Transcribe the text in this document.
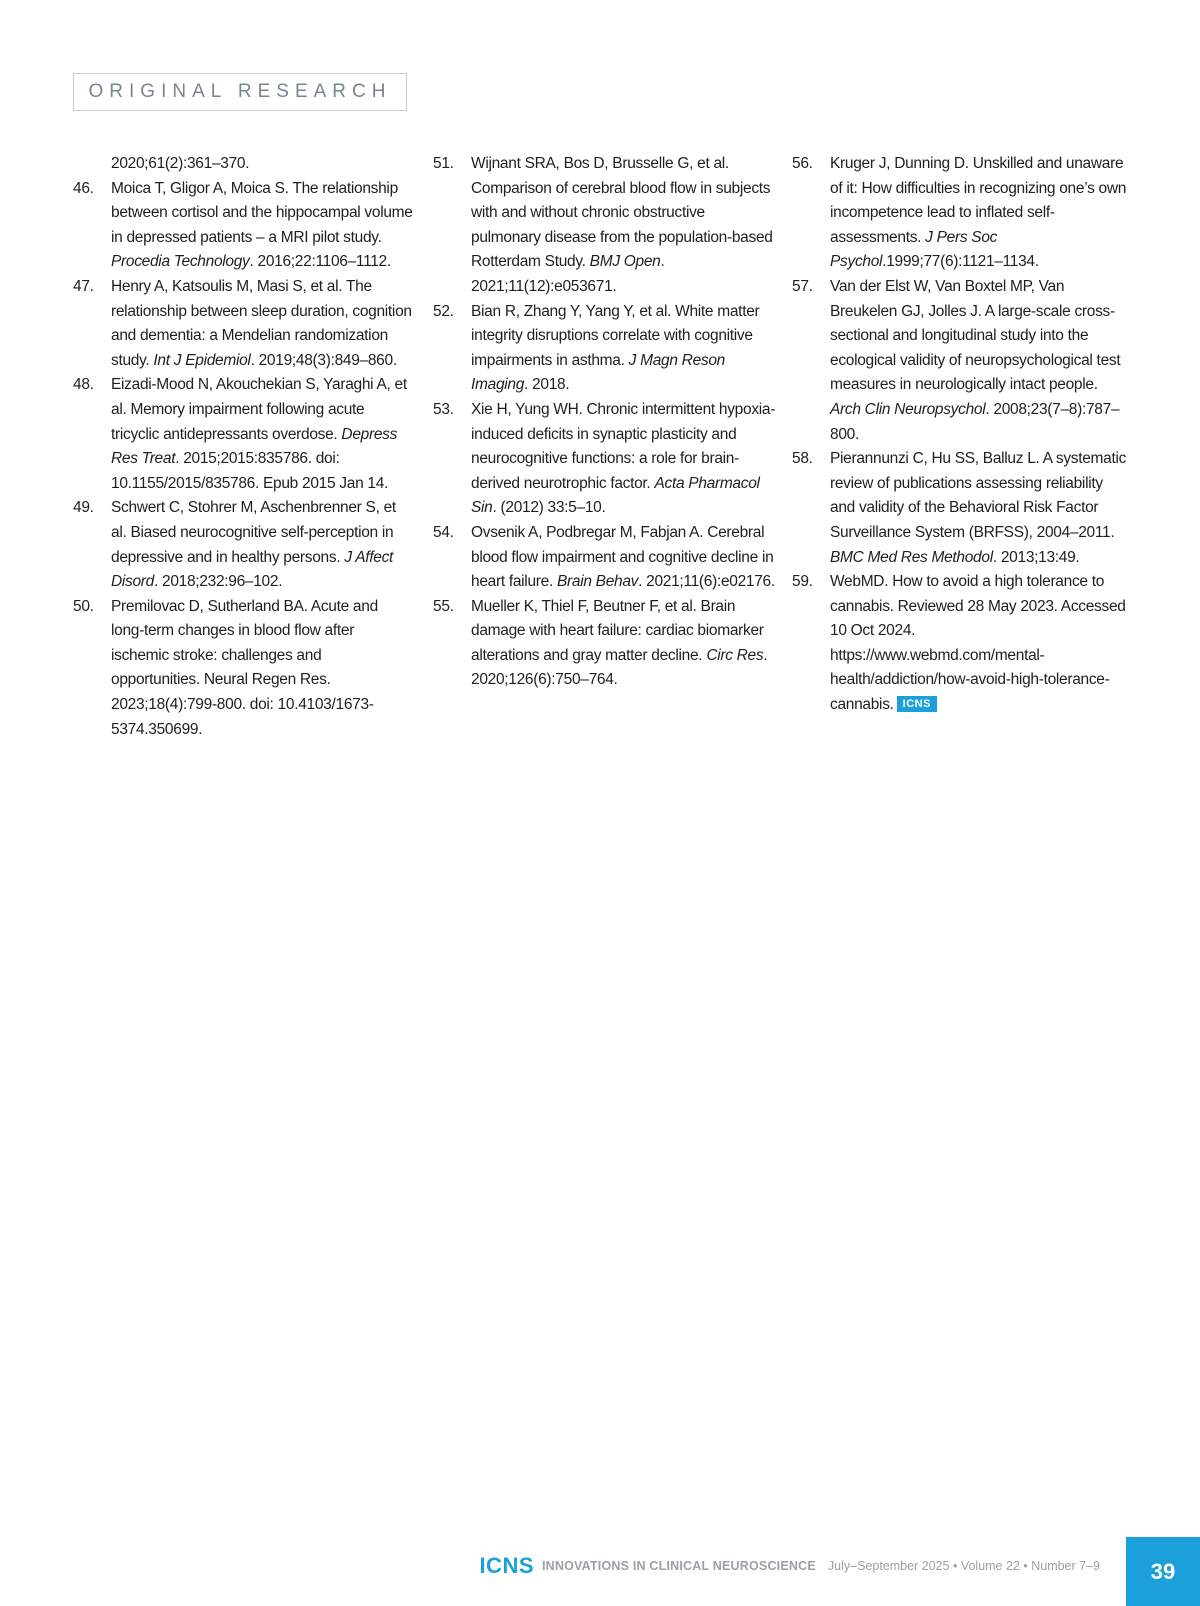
ORIGINAL RESEARCH
2020;61(2):361–370.
46. Moica T, Gligor A, Moica S. The relationship between cortisol and the hippocampal volume in depressed patients – a MRI pilot study. Procedia Technology. 2016;22:1106–1112.
47. Henry A, Katsoulis M, Masi S, et al. The relationship between sleep duration, cognition and dementia: a Mendelian randomization study. Int J Epidemiol. 2019;48(3):849–860.
48. Eizadi-Mood N, Akouchekian S, Yaraghi A, et al. Memory impairment following acute tricyclic antidepressants overdose. Depress Res Treat. 2015;2015:835786. doi: 10.1155/2015/835786. Epub 2015 Jan 14.
49. Schwert C, Stohrer M, Aschenbrenner S, et al. Biased neurocognitive self-perception in depressive and in healthy persons. J Affect Disord. 2018;232:96–102.
50. Premilovac D, Sutherland BA. Acute and long-term changes in blood flow after ischemic stroke: challenges and opportunities. Neural Regen Res. 2023;18(4):799-800. doi: 10.4103/1673-5374.350699.
51. Wijnant SRA, Bos D, Brusselle G, et al. Comparison of cerebral blood flow in subjects with and without chronic obstructive pulmonary disease from the population-based Rotterdam Study. BMJ Open. 2021;11(12):e053671.
52. Bian R, Zhang Y, Yang Y, et al. White matter integrity disruptions correlate with cognitive impairments in asthma. J Magn Reson Imaging. 2018.
53. Xie H, Yung WH. Chronic intermittent hypoxia-induced deficits in synaptic plasticity and neurocognitive functions: a role for brain-derived neurotrophic factor. Acta Pharmacol Sin. (2012) 33:5–10.
54. Ovsenik A, Podbregar M, Fabjan A. Cerebral blood flow impairment and cognitive decline in heart failure. Brain Behav. 2021;11(6):e02176.
55. Mueller K, Thiel F, Beutner F, et al. Brain damage with heart failure: cardiac biomarker alterations and gray matter decline. Circ Res. 2020;126(6):750–764.
56. Kruger J, Dunning D. Unskilled and unaware of it: How difficulties in recognizing one’s own incompetence lead to inflated self-assessments. J Pers Soc Psychol.1999;77(6):1121–1134.
57. Van der Elst W, Van Boxtel MP, Van Breukelen GJ, Jolles J. A large-scale cross-sectional and longitudinal study into the ecological validity of neuropsychological test measures in neurologically intact people. Arch Clin Neuropsychol. 2008;23(7–8):787–800.
58. Pierannunzi C, Hu SS, Balluz L. A systematic review of publications assessing reliability and validity of the Behavioral Risk Factor Surveillance System (BRFSS), 2004–2011. BMC Med Res Methodol. 2013;13:49.
59. WebMD. How to avoid a high tolerance to cannabis. Reviewed 28 May 2023. Accessed 10 Oct 2024. https://www.webmd.com/mental-health/addiction/how-avoid-high-tolerance-cannabis. ICNS
ICNS INNOVATIONS IN CLINICAL NEUROSCIENCE July–September 2025 • Volume 22 • Number 7–9	39
